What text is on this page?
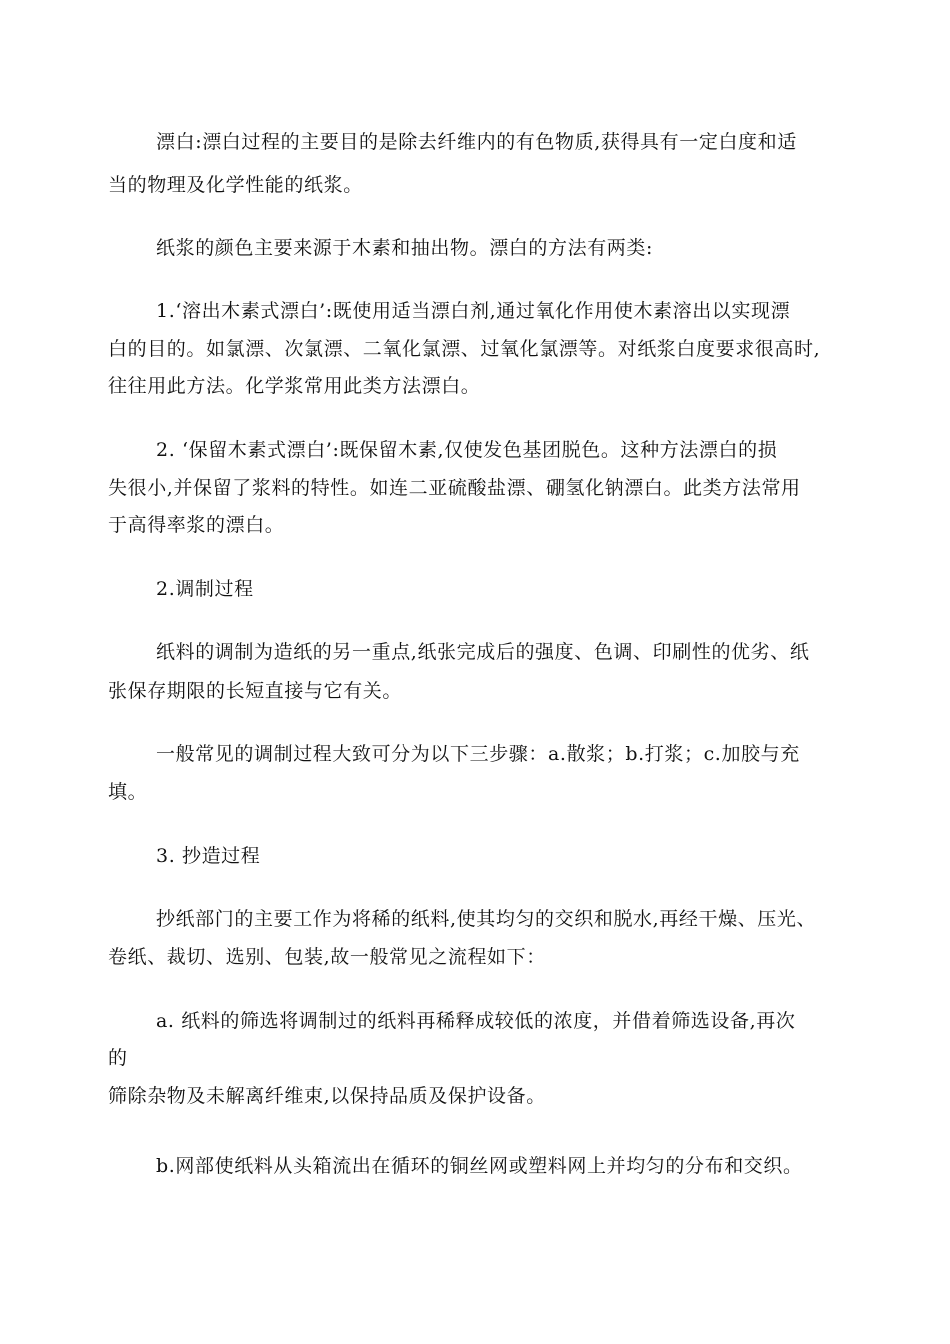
漂白:漂白过程的主要目的是除去纤维内的有色物质,获得具有一定白度和适
当的物理及化学性能的纸浆。
纸浆的颜色主要来源于木素和抽出物。漂白的方法有两类:
1.‘溶出木素式漂白’:既使用适当漂白剂,通过氧化作用使木素溶出以实现漂
白的目的。如氯漂、次氯漂、二氧化氯漂、过氧化氯漂等。对纸浆白度要求很高时,
往往用此方法。化学浆常用此类方法漂白。
2. ‘保留木素式漂白’:既保留木素,仅使发色基团脱色。这种方法漂白的损
失很小,并保留了浆料的特性。如连二亚硫酸盐漂、硼氢化钠漂白。此类方法常用
于高得率浆的漂白。
2.调制过程
纸料的调制为造纸的另一重点,纸张完成后的强度、色调、印刷性的优劣、纸
张保存期限的长短直接与它有关。
一般常见的调制过程大致可分为以下三步骤：a.散浆；b.打浆；c.加胶与充
填。
3. 抄造过程
抄纸部门的主要工作为将稀的纸料,使其均匀的交织和脱水,再经干燥、压光、
卷纸、裁切、选别、包装,故一般常见之流程如下：
a. 纸料的筛选将调制过的纸料再稀释成较低的浓度，并借着筛选设备,再次
的
筛除杂物及未解离纤维束,以保持品质及保护设备。
b.网部使纸料从头箱流出在循环的铜丝网或塑料网上并均匀的分布和交织。
